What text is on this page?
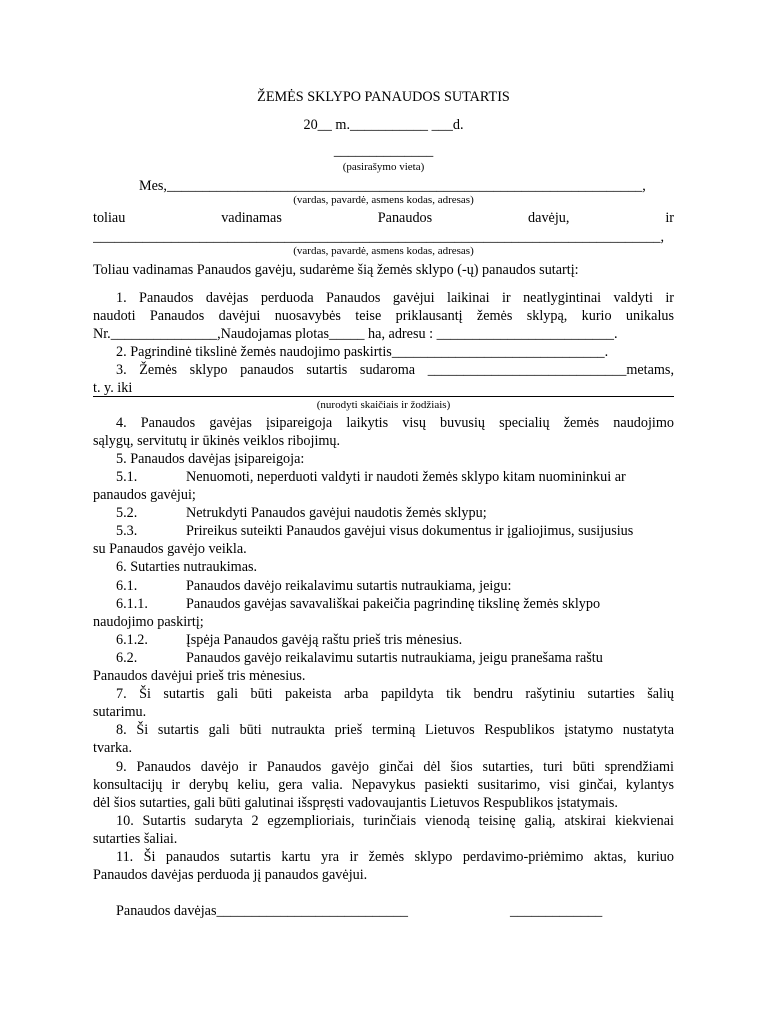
ŽEMĖS SKLYPO PANAUDOS SUTARTIS
20__ m.___________ ___d.
______________
(pasirašymo vieta)
Mes,___________________________________________________________________,
(vardas, pavardė, asmens kodas, adresas)
toliau	vadinamas	Panaudos	davėju,	ir
________________________________________________________________________________,
(vardas, pavardė, asmens kodas, adresas)
Toliau vadinamas Panaudos gavėju, sudarėme šią žemės sklypo (-ų) panaudos sutartį:
1. Panaudos davėjas perduoda Panaudos gavėjui laikinai ir neatlygintinai valdyti ir
naudoti Panaudos davėjui nuosavybės teise priklausantį žemės sklypą, kurio unikalus
Nr._______________,Naudojamas plotas_____ ha, adresu : _________________________.
2. Pagrindinė tikslinė žemės naudojimo paskirtis______________________________.
3. Žemės sklypo panaudos sutartis sudaroma ____________________________metams,
t. y. iki
(nurodyti skaičiais ir žodžiais)
4. Panaudos gavėjas įsipareigoja laikytis visų buvusių specialių žemės naudojimo
sąlygų, servitutų ir ūkinės veiklos ribojimų.
5. Panaudos davėjas įsipareigoja:
5.1.	Nenuomoti, neperduoti valdyti ir naudoti žemės sklypo kitam nuomininkui ar
panaudos gavėjui;
5.2.	Netrukdyti Panaudos gavėjui naudotis žemės sklypu;
5.3.	Prireikus suteikti Panaudos gavėjui visus dokumentus ir įgaliojimus, susijusius
su Panaudos gavėjo veikla.
6. Sutarties nutraukimas.
6.1.	Panaudos davėjo reikalavimu sutartis nutraukiama, jeigu:
6.1.1.	Panaudos gavėjas savavališkai pakeičia pagrindinę tikslinę žemės sklypo
naudojimo paskirtį;
6.1.2.	Įspėja Panaudos gavėją raštu prieš tris mėnesius.
6.2.	Panaudos gavėjo reikalavimu sutartis nutraukiama, jeigu pranešama raštu
Panaudos davėjui prieš tris mėnesius.
7. Ši sutartis gali būti pakeista arba papildyta tik bendru rašytiniu sutarties šalių
sutarimu.
8. Ši sutartis gali būti nutraukta prieš terminą Lietuvos Respublikos įstatymo nustatyta
tvarka.
9. Panaudos davėjo ir Panaudos gavėjo ginčai dėl šios sutarties, turi būti sprendžiami
konsultacijų ir derybų keliu, gera valia. Nepavykus pasiekti susitarimo, visi ginčai, kylantys
dėl šios sutarties, gali būti galutinai išspręsti vadovaujantis Lietuvos Respublikos įstatymais.
10. Sutartis sudaryta 2 egzemplioriais, turinčiais vienodą teisinę galią, atskirai kiekvienai
sutarties šaliai.
11. Ši panaudos sutartis kartu yra ir žemės sklypo perdavimo-priėmimo aktas, kuriuo
Panaudos davėjas perduoda jį panaudos gavėjui.
Panaudos davėjas___________________________	_____________
